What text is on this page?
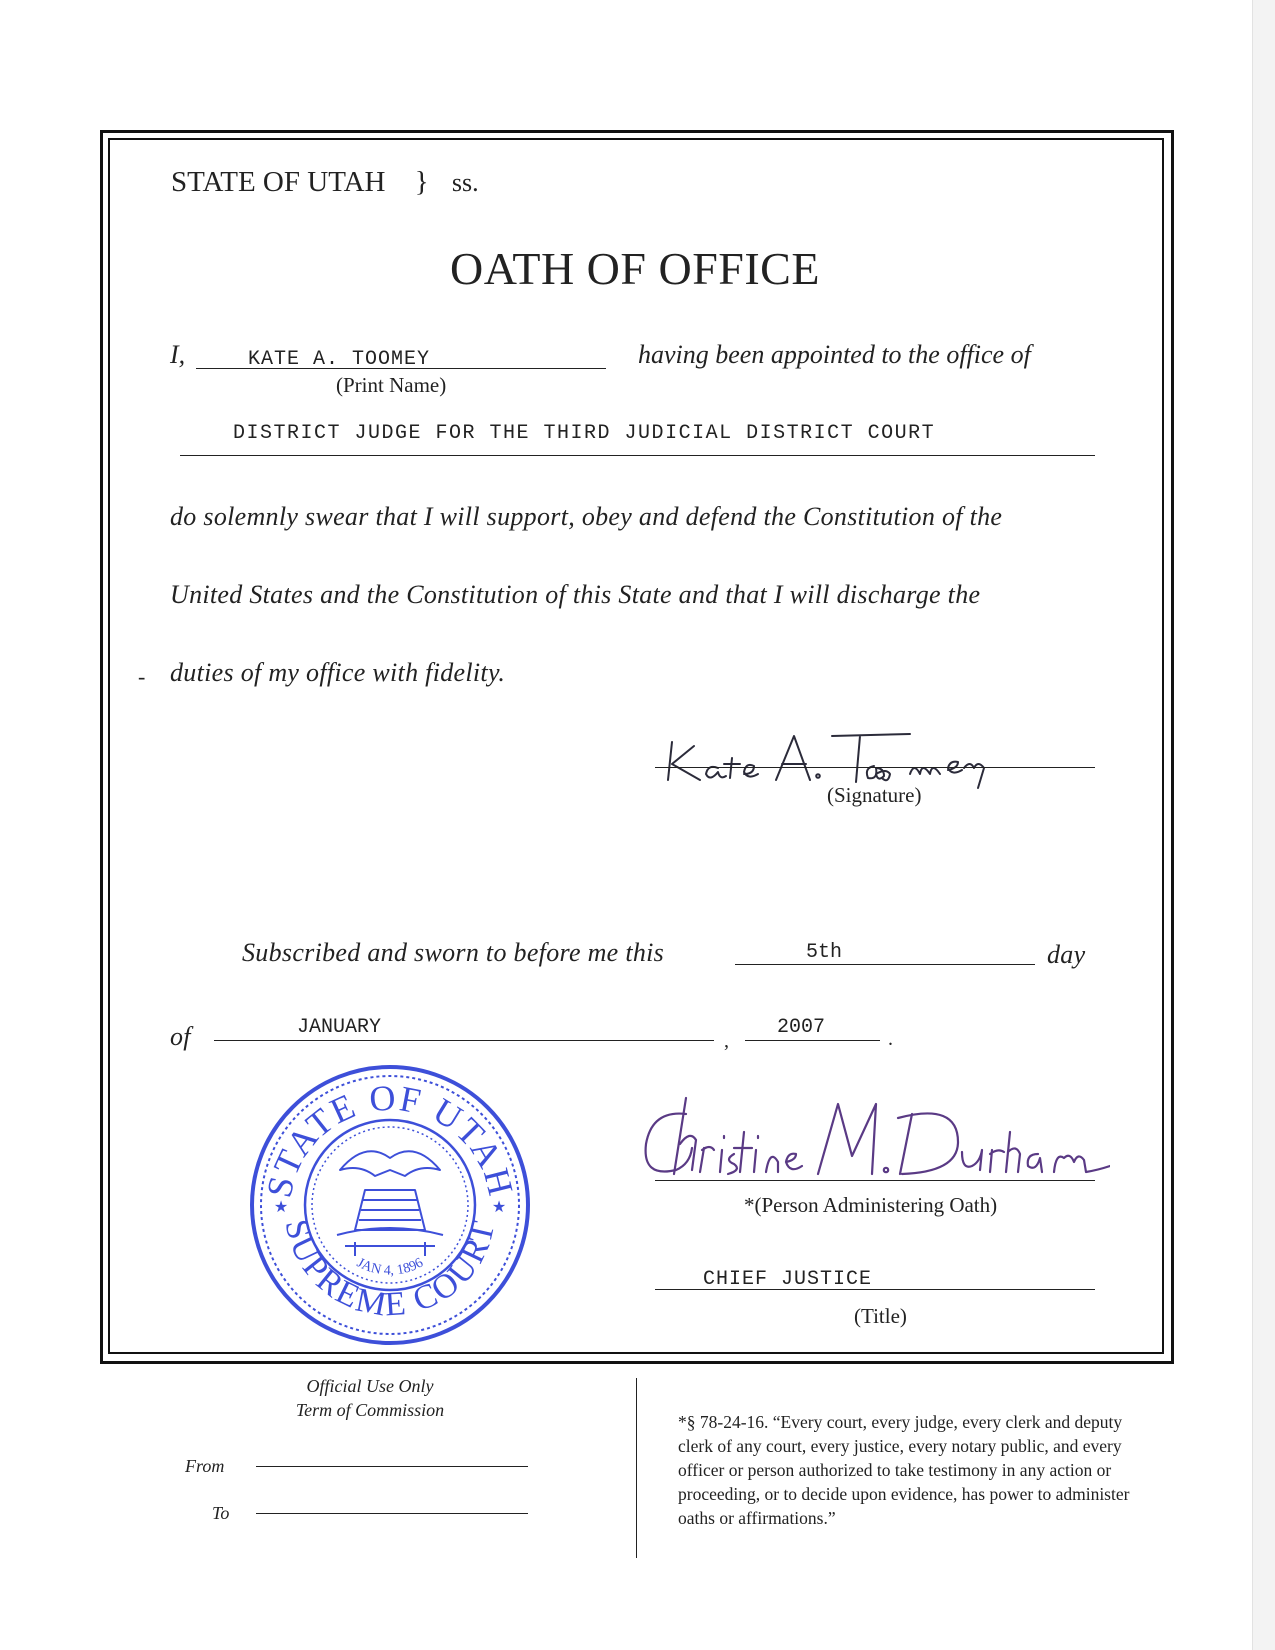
STATE OF UTAH } ss.
OATH OF OFFICE
I,	KATE A. TOOMEY
(Print Name)
having been appointed to the office of
DISTRICT JUDGE FOR THE THIRD JUDICIAL DISTRICT COURT
do solemnly swear that I will support, obey and defend the Constitution of the
United States and the Constitution of this State and that I will discharge the
duties of my office with fidelity.
-
(Signature)
Subscribed and sworn to before me this	5th	day
of	JANUARY
,
2007	.
STATE OF UTAH
SUPREME COURT
JAN 4, 1896
★	★	*(Person Administering Oath)
CHIEF JUSTICE
(Title)
Official Use Only
Term of Commission
From
To
*§ 78-24-16. “Every court, every judge, every clerk and deputy clerk of any court, every justice, every notary public, and every officer or person authorized to take testimony in any action or proceeding, or to decide upon evidence, has power to administer oaths or affirmations.”
